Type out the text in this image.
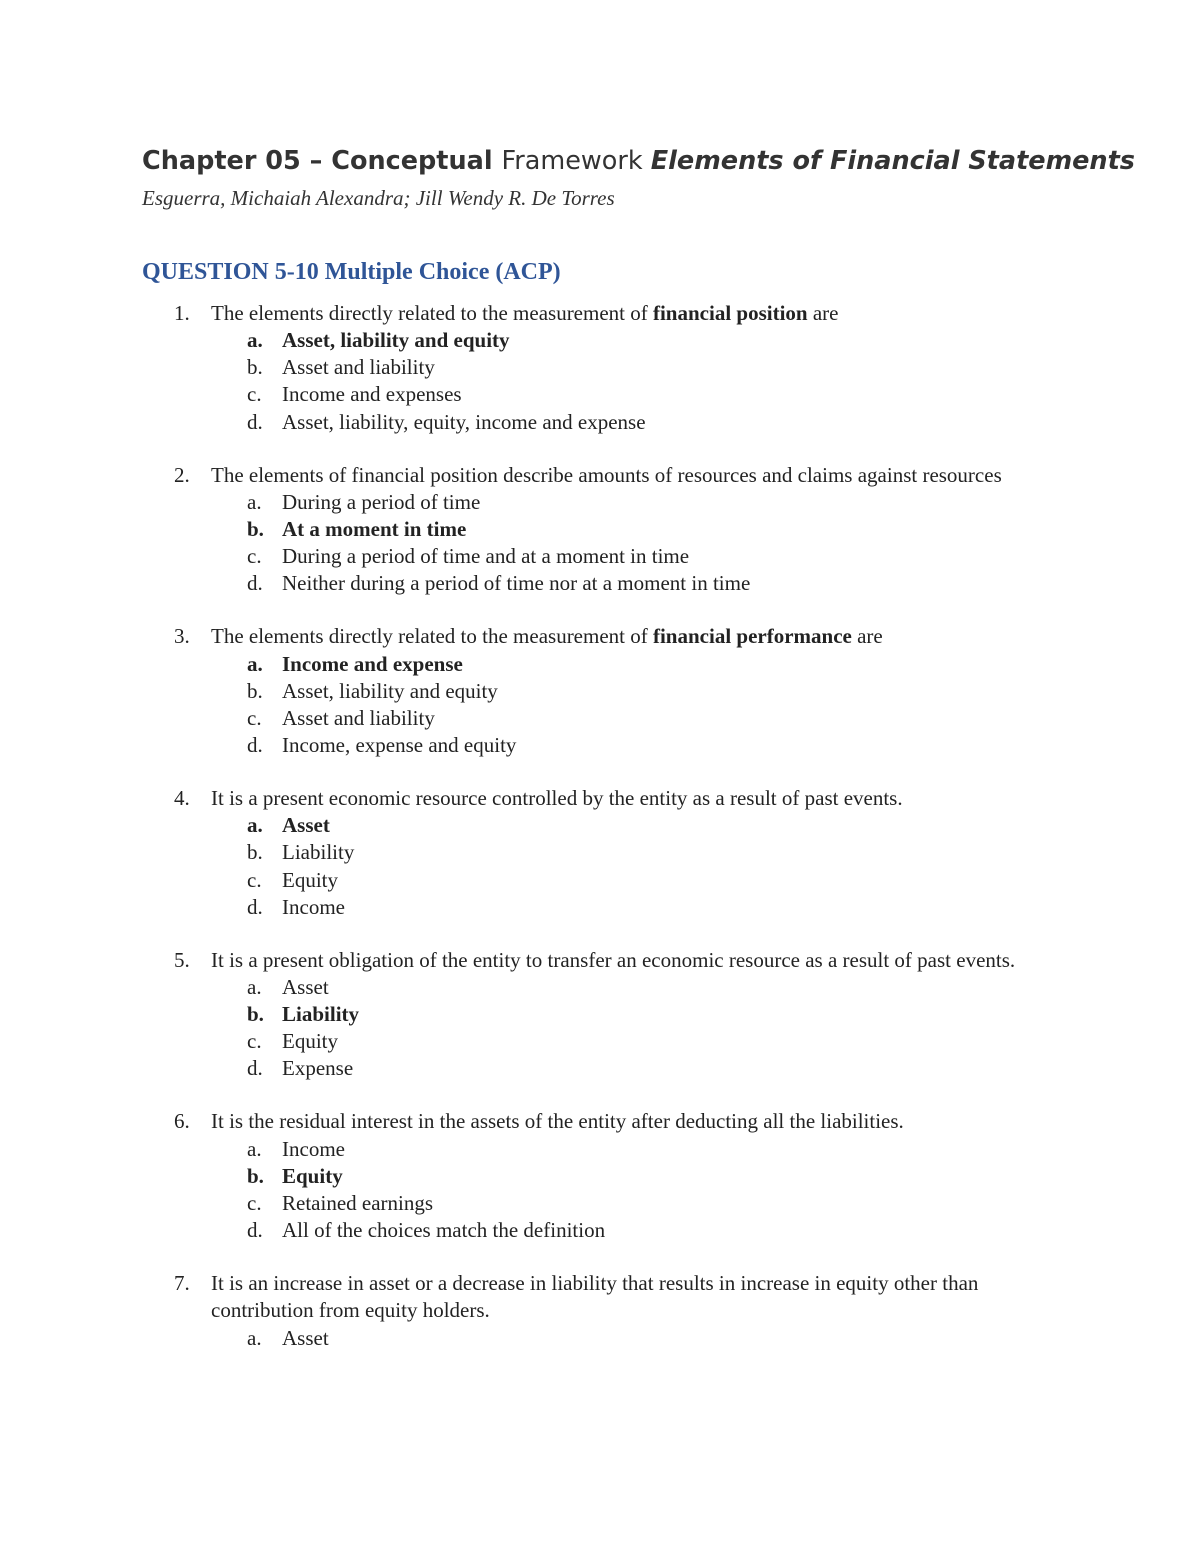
Chapter 05 – Conceptual Framework Elements of Financial Statements
Esguerra, Michaiah Alexandra; Jill Wendy R. De Torres
QUESTION 5-10 Multiple Choice (ACP)
1.	The elements directly related to the measurement of financial position are
a. Asset, liability and equity
b. Asset and liability
c. Income and expenses
d. Asset, liability, equity, income and expense
2.	The elements of financial position describe amounts of resources and claims against resources
a. During a period of time
b. At a moment in time
c. During a period of time and at a moment in time
d. Neither during a period of time nor at a moment in time
3.	The elements directly related to the measurement of financial performance are
a. Income and expense
b. Asset, liability and equity
c. Asset and liability
d. Income, expense and equity
4.	It is a present economic resource controlled by the entity as a result of past events.
a. Asset
b. Liability
c. Equity
d. Income
5.	It is a present obligation of the entity to transfer an economic resource as a result of past events.
a. Asset
b. Liability
c. Equity
d. Expense
6.	It is the residual interest in the assets of the entity after deducting all the liabilities.
a. Income
b. Equity
c. Retained earnings
d. All of the choices match the definition
7.	It is an increase in asset or a decrease in liability that results in increase in equity other than contribution from equity holders.
a. Asset
